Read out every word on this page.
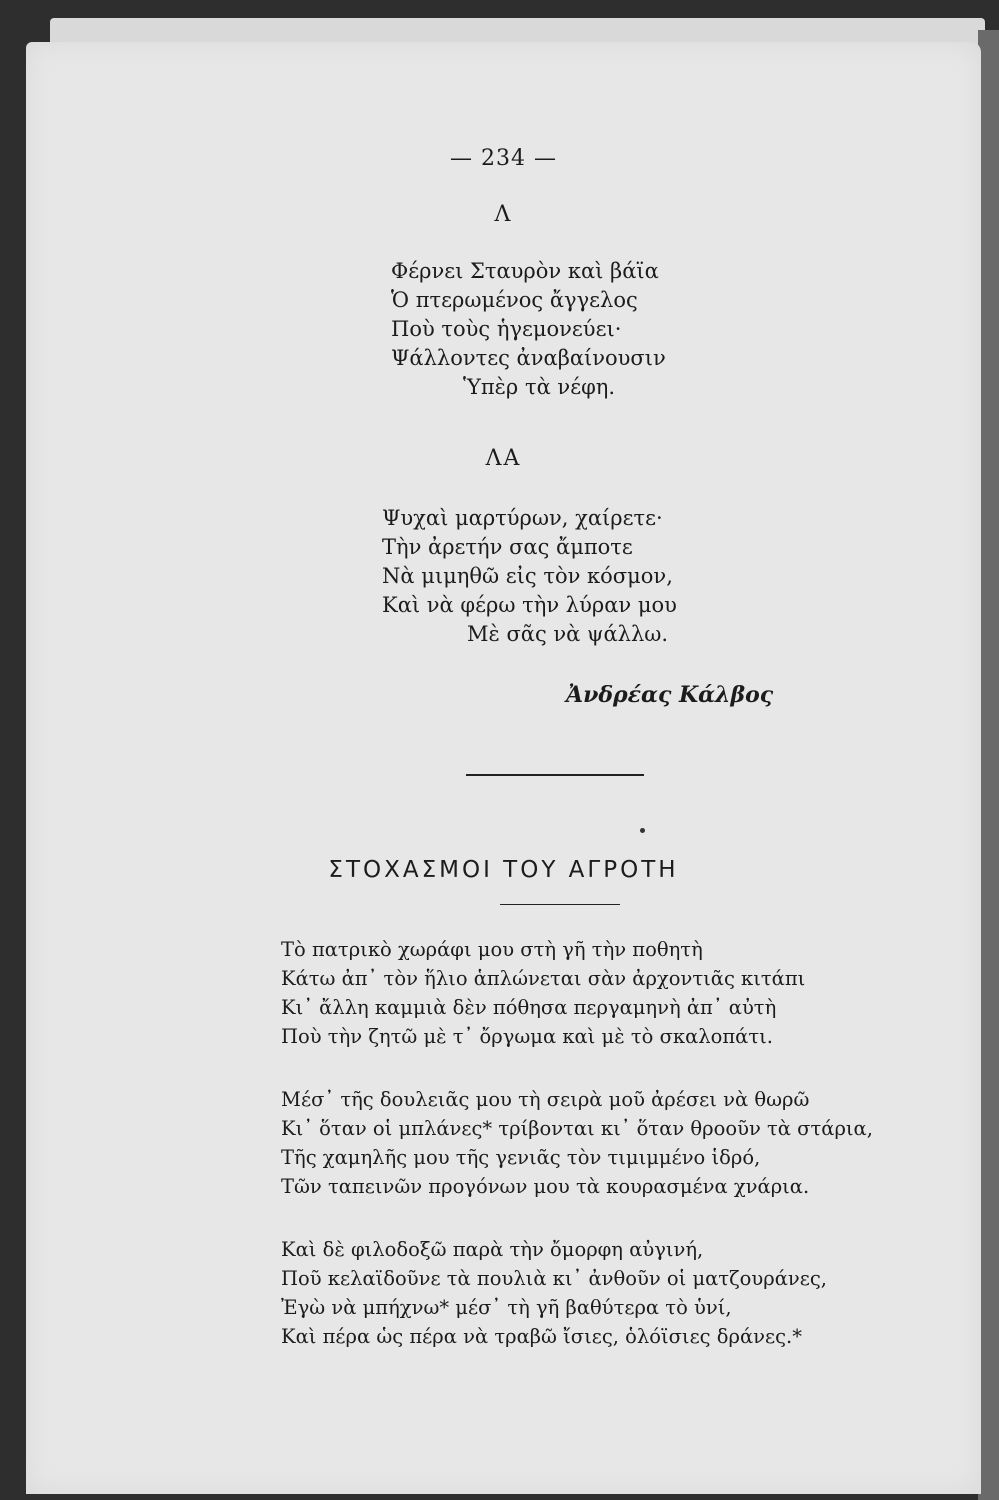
— 234 —
Λ
Φέρνει Σταυρὸν καὶ βάϊα
Ὁ πτερωμένος ἄγγελος
Ποὺ τοὺς ἡγεμονεύει·
Ψάλλοντες ἀναβαίνουσιν
Ὑπὲρ τὰ νέφη.
ΛΑ
Ψυχαὶ μαρτύρων, χαίρετε·
Τὴν ἀρετήν σας ἄμποτε
Νὰ μιμηθῶ εἰς τὸν κόσμον,
Καὶ νὰ φέρω τὴν λύραν μου
Μὲ σᾶς νὰ ψάλλω.
Ἀνδρέας Κάλβος
ΣΤΟΧΑΣΜΟΙ ΤΟΥ ΑΓΡΟΤΗ
Τὸ πατρικὸ χωράφι μου στὴ γῆ τὴν ποθητὴ
Κάτω ἀπ᾽ τὸν ἥλιο ἁπλώνεται σὰν ἀρχοντιᾶς κιτάπι
Κι᾽ ἄλλη καμμιὰ δὲν πόθησα περγαμηνὴ ἀπ᾽ αὐτὴ
Ποὺ τὴν ζητῶ μὲ τ᾽ ὄργωμα καὶ μὲ τὸ σκαλοπάτι.
Μέσ᾽ τῆς δουλειᾶς μου τὴ σειρὰ μοῦ ἀρέσει νὰ θωρῶ
Κι᾽ ὅταν οἱ μπλάνες* τρίβονται κι᾽ ὅταν θροοῦν τὰ στάρια,
Τῆς χαμηλῆς μου τῆς γενιᾶς τὸν τιμιμμένο ἱδρό,
Τῶν ταπεινῶν προγόνων μου τὰ κουρασμένα χνάρια.
Καὶ δὲ φιλοδοξῶ παρὰ τὴν ὄμορφη αὐγινή,
Ποῦ κελαϊδοῦνε τὰ πουλιὰ κι᾽ ἀνθοῦν οἱ ματζουράνες,
Ἐγὼ νὰ μπήχνω* μέσ᾽ τὴ γῆ βαθύτερα τὸ ὑνί,
Καὶ πέρα ὡς πέρα νὰ τραβῶ ἴσιες, ὁλόϊσιες δράνες.*
